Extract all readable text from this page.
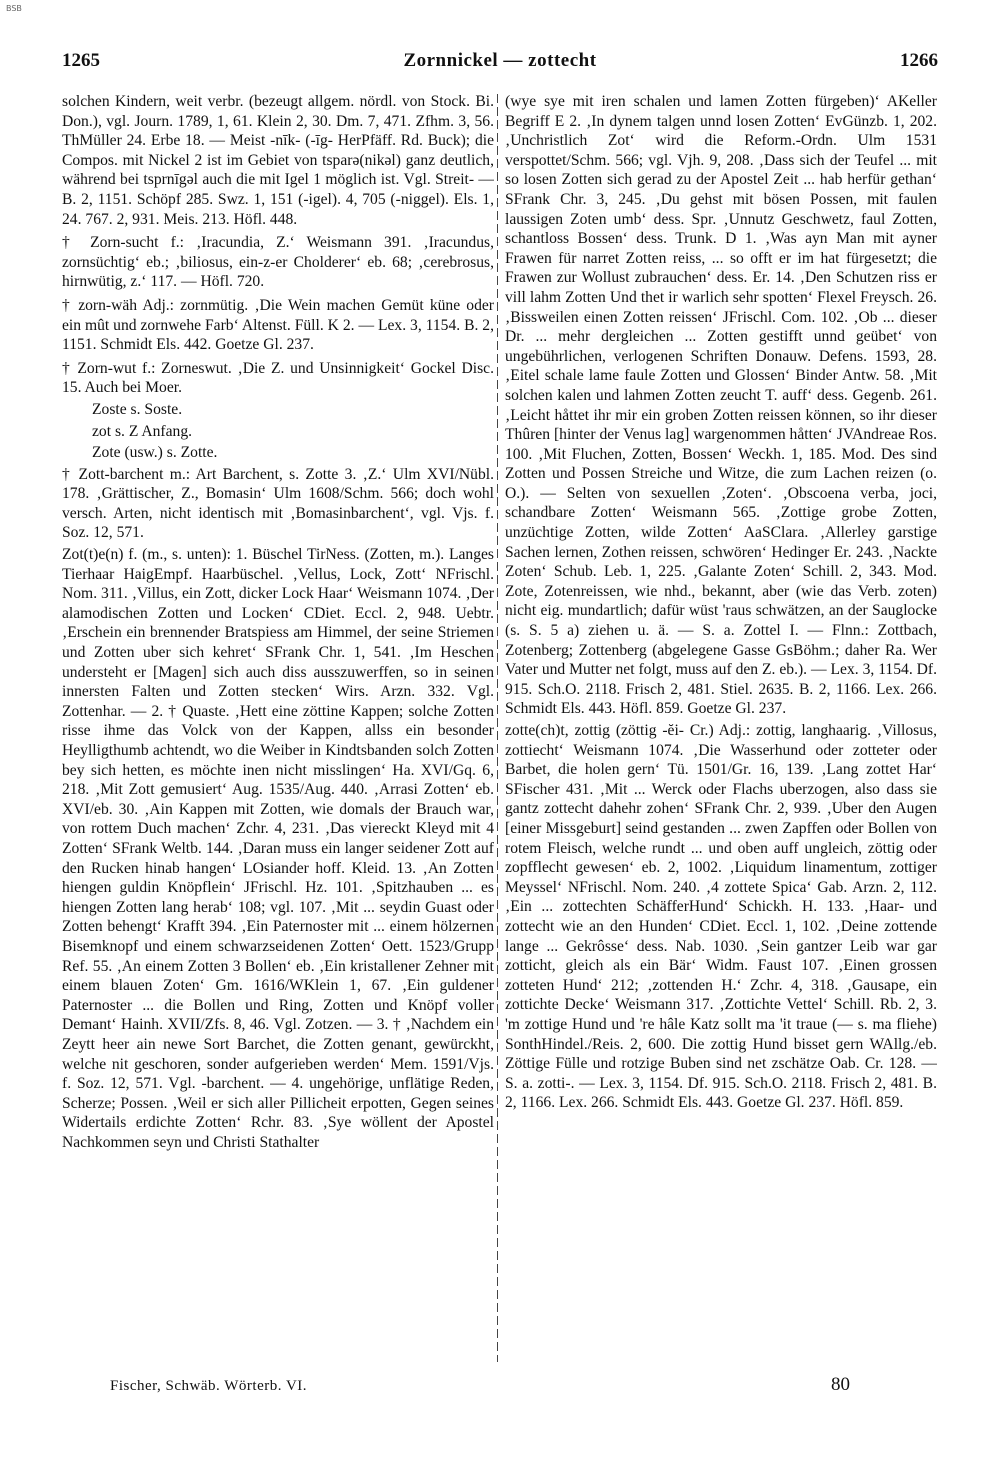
BSB
1265	Zornnickel — zottecht	1266

solchen Kindern, weit verbr. (bezeugt allgem. nördl. von Stock. Bi. Don.), vgl. Journ. 1789, 1, 61. Klein 2, 30. Dm. 7, 471. Zfhm. 3, 56. ThMüller 24. Erbe 18. — Meist -nīk- (-īg- HerPfäff. Rd. Buck); die Compos. mit Nickel 2 ist im Gebiet von tsparə(nikəl) ganz deutlich, während bei tsprnīgəl auch die mit Igel 1 möglich ist. Vgl. Streit- — B. 2, 1151. Schöpf 285. Swz. 1, 151 (-igel). 4, 705 (-niggel). Els. 1, 24. 767. 2, 931. Meis. 213. Höfl. 448.

† Zorn-sucht f.: ‚Iracundia, Z.‘ Weismann 391. ‚Iracundus, zornsüchtig‘ eb.; ‚biliosus, ein-z-er Cholderer‘ eb. 68; ‚cerebrosus, hirnwütig, z.‘ 117. — Höfl. 720.

† zorn-wäh Adj.: zornmütig. ‚Die Wein machen Gemüt küne oder ein mût und zornwehe Farb‘ Altenst. Füll. K 2. — Lex. 3, 1154. B. 2, 1151. Schmidt Els. 442. Goetze Gl. 237.

† Zorn-wut f.: Zorneswut. ‚Die Z. und Unsinnigkeit‘ Gockel Disc. 15. Auch bei Moer.

Zoste s. Soste.

zot s. Z Anfang.

Zote (usw.) s. Zotte.

† Zott-barchent m.: Art Barchent, s. Zotte 3. ‚Z.‘ Ulm XVI/Nübl. 178. ‚Grättischer, Z., Bomasin‘ Ulm 1608/Schm. 566; doch wohl versch. Arten, nicht identisch mit ‚Bomasinbarchent‘, vgl. Vjs. f. Soz. 12, 571.

Zot(t)e(n) f. (m., s. unten): 1. Büschel TirNess. (Zotten, m.). Langes Tierhaar HaigEmpf. Haarbüschel. ‚Vellus, Lock, Zott‘ NFrischl. Nom. 311. ‚Villus, ein Zott, dicker Lock Haar‘ Weismann 1074. ‚Der alamodischen Zotten und Locken‘ CDiet. Eccl. 2, 948. Uebtr. ‚Erschein ein brennender Bratspiess am Himmel, der seine Striemen und Zotten uber sich kehret‘ SFrank Chr. 1, 541. ‚Im Heschen understeht er [Magen] sich auch diss ausszuwerffen, so in seinen innersten Falten und Zotten stecken‘ Wirs. Arzn. 332. Vgl. Zottenhar. — 2. † Quaste. ‚Hett eine zöttine Kappen; solche Zotten risse ihme das Volck von der Kappen, allss ein besonder Heylligthumb achtendt, wo die Weiber in Kindtsbanden solch Zotten bey sich hetten, es möchte inen nicht misslingen‘ Ha. XVI/Gq. 6, 218. ‚Mit Zott gemusiert‘ Aug. 1535/Aug. 440. ‚Arrasi Zotten‘ eb. XVI/eb. 30. ‚Ain Kappen mit Zotten, wie domals der Brauch war, von rottem Duch machen‘ Zchr. 4, 231. ‚Das viereckt Kleyd mit 4 Zotten‘ SFrank Weltb. 144. ‚Daran muss ein langer seidener Zott auf den Rucken hinab hangen‘ LOsiander hoff. Kleid. 13. ‚An Zotten hiengen guldin Knöpflein‘ JFrischl. Hz. 101. ‚Spitzhauben ... es hiengen Zotten lang herab‘ 108; vgl. 107. ‚Mit ... seydin Guast oder Zotten behengt‘ Krafft 394. ‚Ein Paternoster mit ... einem hölzernen Bisemknopf und einem schwarzseidenen Zotten‘ Oett. 1523/Grupp Ref. 55. ‚An einem Zotten 3 Bollen‘ eb. ‚Ein kristallener Zehner mit einem blauen Zoten‘ Gm. 1616/WKlein 1, 67. ‚Ein guldener Paternoster ... die Bollen und Ring, Zotten und Knöpf voller Demant‘ Hainh. XVII/Zfs. 8, 46. Vgl. Zotzen. — 3. † ‚Nachdem ein Zeytt heer ain newe Sort Barchet, die Zotten genant, gewürckht, welche nit geschoren, sonder aufgerieben werden‘ Mem. 1591/Vjs. f. Soz. 12, 571. Vgl. -barchent. — 4. ungehörige, unflätige Reden, Scherze; Possen. ‚Weil er sich aller Pillicheit erpotten, Gegen seines Widertails erdichte Zotten‘ Rchr. 83. ‚Sye wöllent der Apostel Nachkommen seyn und Christi Stathalter

(wye sye mit iren schalen und lamen Zotten fürgeben)‘ AKeller Begriff E 2. ‚In dynem talgen unnd losen Zotten‘ EvGünzb. 1, 202. ‚Unchristlich Zot‘ wird die Reform.-Ordn. Ulm 1531 verspottet/Schm. 566; vgl. Vjh. 9, 208. ‚Dass sich der Teufel ... mit so losen Zotten sich gerad zu der Apostel Zeit ... hab herfür gethan‘ SFrank Chr. 3, 245. ‚Du gehst mit bösen Possen, mit faulen laussigen Zoten umb‘ dess. Spr. ‚Unnutz Geschwetz, faul Zotten, schantloss Bossen‘ dess. Trunk. D 1. ‚Was ayn Man mit ayner Frawen für narret Zotten reiss, ... so offt er im hat fürgesetzt; die Frawen zur Wollust zubrauchen‘ dess. Er. 14. ‚Den Schutzen riss er vill lahm Zotten Und thet ir warlich sehr spotten‘ Flexel Freysch. 26. ‚Bissweilen einen Zotten reissen‘ JFrischl. Com. 102. ‚Ob ... dieser Dr. ... mehr dergleichen ... Zotten gestifft unnd geübet‘ von ungebührlichen, verlogenen Schriften Donauw. Defens. 1593, 28. ‚Eitel schale lame faule Zotten und Glossen‘ Binder Antw. 58. ‚Mit solchen kalen und lahmen Zotten zeucht T. auff‘ dess. Gegenb. 261. ‚Leicht håttet ihr mir ein groben Zotten reissen können, so ihr dieser Thûren [hinter der Venus lag] wargenommen håtten‘ JVAndreae Ros. 100. ‚Mit Fluchen, Zotten, Bossen‘ Weckh. 1, 185. Mod. Des sind Zotten und Possen Streiche und Witze, die zum Lachen reizen (o. O.). — Selten von sexuellen ‚Zoten‘. ‚Obscoena verba, joci, schandbare Zotten‘ Weismann 565. ‚Zottige grobe Zotten, unzüchtige Zotten, wilde Zotten‘ AaSClara. ‚Allerley garstige Sachen lernen, Zothen reissen, schwören‘ Hedinger Er. 243. ‚Nackte Zoten‘ Schub. Leb. 1, 225. ‚Galante Zoten‘ Schill. 2, 343. Mod. Zote, Zotenreissen, wie nhd., bekannt, aber (wie das Verb. zoten) nicht eig. mundartlich; dafür wüst 'raus schwätzen, an der Sauglocke (s. S. 5 a) ziehen u. ä. — S. a. Zottel I. — Flnn.: Zottbach, Zotenberg; Zottenberg (abgelegene Gasse GsBöhm.; daher Ra. Wer Vater und Mutter net folgt, muss auf den Z. eb.). — Lex. 3, 1154. Df. 915. Sch.O. 2118. Frisch 2, 481. Stiel. 2635. B. 2, 1166. Lex. 266. Schmidt Els. 443. Höfl. 859. Goetze Gl. 237.

zotte(ch)t, zottig (zöttig -ĕi- Cr.) Adj.: zottig, langhaarig. ‚Villosus, zottiecht‘ Weismann 1074. ‚Die Wasserhund oder zotteter oder Barbet, die holen gern‘ Tü. 1501/Gr. 16, 139. ‚Lang zottet Har‘ SFischer 431. ‚Mit ... Werck oder Flachs uberzogen, also dass sie gantz zottecht dahehr zohen‘ SFrank Chr. 2, 939. ‚Uber den Augen [einer Missgeburt] seind gestanden ... zwen Zapffen oder Bollen von rotem Fleisch, welche rundt ... und oben auff ungleich, zöttig oder zopfflecht gewesen‘ eb. 2, 1002. ‚Liquidum linamentum, zottiger Meyssel‘ NFrischl. Nom. 240. ‚4 zottete Spica‘ Gab. Arzn. 2, 112. ‚Ein ... zottechten SchäfferHund‘ Schickh. H. 133. ‚Haar- und zottecht wie an den Hunden‘ CDiet. Eccl. 1, 102. ‚Deine zottende lange ... Gekrôsse‘ dess. Nab. 1030. ‚Sein gantzer Leib war gar zotticht, gleich als ein Bär‘ Widm. Faust 107. ‚Einen grossen zotteten Hund‘ 212; ‚zottenden H.‘ Zchr. 4, 318. ‚Gausape, ein zottichte Decke‘ Weismann 317. ‚Zottichte Vettel‘ Schill. Rb. 2, 3. 'm zottige Hund und 're hâle Katz sollt ma 'it traue (— s. ma fliehe) SonthHindel./Reis. 2, 600. Die zottig Hund bisset gern WAllg./eb. Zöttige Fülle und rotzige Buben sind net zschätze Oab. Cr. 128. — S. a. zotti-. — Lex. 3, 1154. Df. 915. Sch.O. 2118. Frisch 2, 481. B. 2, 1166. Lex. 266. Schmidt Els. 443. Goetze Gl. 237. Höfl. 859.

Fischer, Schwäb. Wörterb. VI.	80
